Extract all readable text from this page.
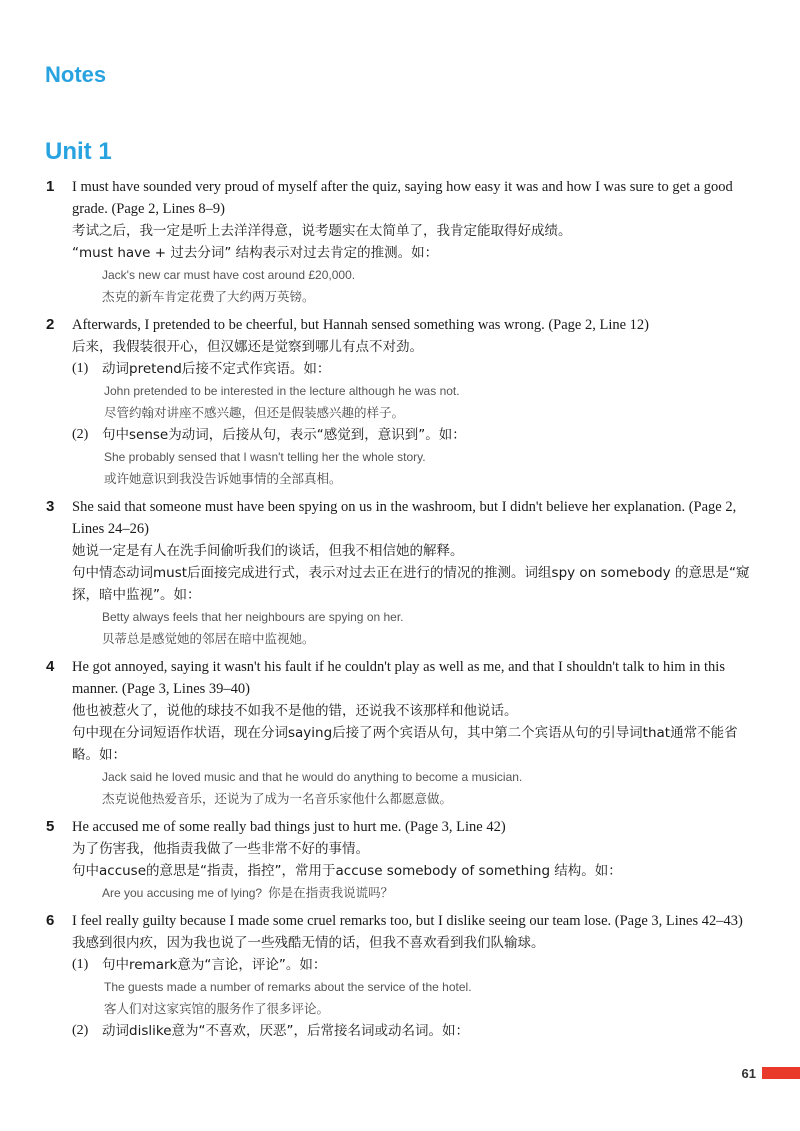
Notes
Unit 1
1 I must have sounded very proud of myself after the quiz, saying how easy it was and how I was sure to get a good grade. (Page 2, Lines 8–9)

考试之后，我一定是听上去洋洋得意，说考题实在太简单了，我肯定能取得好成绩。

“must have + 过去分词” 结构表示对过去肯定的推测。如：

Jack's new car must have cost around £20,000.

杰克的新车肯定花费了大约两万英镑。

2 Afterwards, I pretended to be cheerful, but Hannah sensed something was wrong. (Page 2, Line 12)

后来，我假装很开心，但汉娜还是觉察到哪儿有点不对劲。

(1) 动词pretend后接不定式作宾语。如：

John pretended to be interested in the lecture although he was not.

尽管约翰对讲座不感兴趣，但还是假装感兴趣的样子。

(2) 句中sense为动词，后接从句，表示“感觉到，意识到”。如：

She probably sensed that I wasn't telling her the whole story.

或许她意识到我没告诉她事情的全部真相。

3 She said that someone must have been spying on us in the washroom, but I didn't believe her explanation. (Page 2, Lines 24–26)

她说一定是有人在洗手间偷听我们的谈话，但我不相信她的解释。

句中情态动词must后面接完成进行式，表示对过去正在进行的情况的推测。词组spy on somebody 的意思是“窥探，暗中监视”。如：

Betty always feels that her neighbours are spying on her.

贝蒂总是感觉她的邻居在暗中监视她。

4 He got annoyed, saying it wasn't his fault if he couldn't play as well as me, and that I shouldn't talk to him in this manner. (Page 3, Lines 39–40)

他也被惹火了，说他的球技不如我不是他的错，还说我不该那样和他说话。

句中现在分词短语作状语，现在分词saying后接了两个宾语从句，其中第二个宾语从句的引导词that通常不能省略。如：

Jack said he loved music and that he would do anything to become a musician.

杰克说他热爱音乐，还说为了成为一名音乐家他什么都愿意做。

5 He accused me of some really bad things just to hurt me. (Page 3, Line 42)

为了伤害我，他指责我做了一些非常不好的事情。

句中accuse的意思是“指责，指控”，常用于accuse somebody of something 结构。如：

Are you accusing me of lying? 你是在指责我说谎吗？

6 I feel really guilty because I made some cruel remarks too, but I dislike seeing our team lose. (Page 3, Lines 42–43)

我感到很内疚，因为我也说了一些残酷无情的话，但我不喜欢看到我们队输球。

(1) 句中remark意为“言论，评论”。如：

The guests made a number of remarks about the service of the hotel.

客人们对这家宾馆的服务作了很多评论。

(2) 动词dislike意为“不喜欢，厌恶”，后常接名词或动名词。如：

61
